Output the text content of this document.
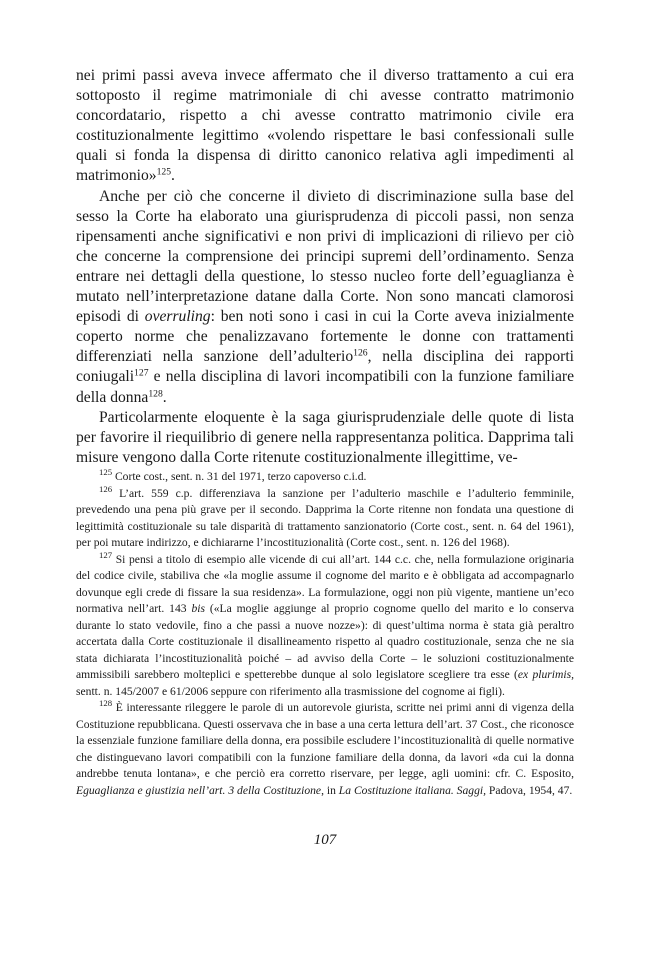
nei primi passi aveva invece affermato che il diverso trattamento a cui era sottoposto il regime matrimoniale di chi avesse contratto matrimonio concordatario, rispetto a chi avesse contratto matrimonio civile era costituzionalmente legittimo «volendo rispettare le basi confessionali sulle quali si fonda la dispensa di diritto canonico relativa agli impedimenti al matrimonio»$^{125}$.

Anche per ciò che concerne il divieto di discriminazione sulla base del sesso la Corte ha elaborato una giurisprudenza di piccoli passi, non senza ripensamenti anche significativi e non privi di implicazioni di rilievo per ciò che concerne la comprensione dei principi supremi dell’ordinamento. Senza entrare nei dettagli della questione, lo stesso nucleo forte dell’eguaglianza è mutato nell’interpretazione datane dalla Corte. Non sono mancati clamorosi episodi di overruling: ben noti sono i casi in cui la Corte aveva inizialmente coperto norme che penalizzavano fortemente le donne con trattamenti differenziati nella sanzione dell’adulterio$^{126}$, nella disciplina dei rapporti coniugali$^{127}$ e nella disciplina di lavori incompatibili con la funzione familiare della donna$^{128}$.

Particolarmente eloquente è la saga giurisprudenziale delle quote di lista per favorire il riequilibrio di genere nella rappresentanza politica. Dapprima tali misure vengono dalla Corte ritenute costituzionalmente illegittime, ve-

$^{125}$ Corte cost., sent. n. 31 del 1971, terzo capoverso c.i.d.

$^{126}$ L’art. 559 c.p. differenziava la sanzione per l’adulterio maschile e l’adulterio femminile, prevedendo una pena più grave per il secondo. Dapprima la Corte ritenne non fondata una questione di legittimità costituzionale su tale disparità di trattamento sanzionatorio (Corte cost., sent. n. 64 del 1961), per poi mutare indirizzo, e dichiararne l’incostituzionalità (Corte cost., sent. n. 126 del 1968).

$^{127}$ Si pensi a titolo di esempio alle vicende di cui all’art. 144 c.c. che, nella formulazione originaria del codice civile, stabiliva che «la moglie assume il cognome del marito e è obbligata ad accompagnarlo dovunque egli crede di fissare la sua residenza». La formulazione, oggi non più vigente, mantiene un’eco normativa nell’art. 143 bis («La moglie aggiunge al proprio cognome quello del marito e lo conserva durante lo stato vedovile, fino a che passi a nuove nozze»): di quest’ultima norma è stata già peraltro accertata dalla Corte costituzionale il disallineamento rispetto al quadro costituzionale, senza che ne sia stata dichiarata l’incostituzionalità poiché – ad avviso della Corte – le soluzioni costituzionalmente ammissibili sarebbero molteplici e spetterebbe dunque al solo legislatore scegliere tra esse (ex plurimis, sentt. n. 145/2007 e 61/2006 seppure con riferimento alla trasmissione del cognome ai figli).

$^{128}$ È interessante rileggere le parole di un autorevole giurista, scritte nei primi anni di vigenza della Costituzione repubblicana. Questi osservava che in base a una certa lettura dell’art. 37 Cost., che riconosce la essenziale funzione familiare della donna, era possibile escludere l’incostituzionalità di quelle normative che distinguevano lavori compatibili con la funzione familiare della donna, da lavori «da cui la donna andrebbe tenuta lontana», e che perciò era corretto riservare, per legge, agli uomini: cfr. C. Esposito, Eguaglianza e giustizia nell’art. 3 della Costituzione, in La Costituzione italiana. Saggi, Padova, 1954, 47.

107
